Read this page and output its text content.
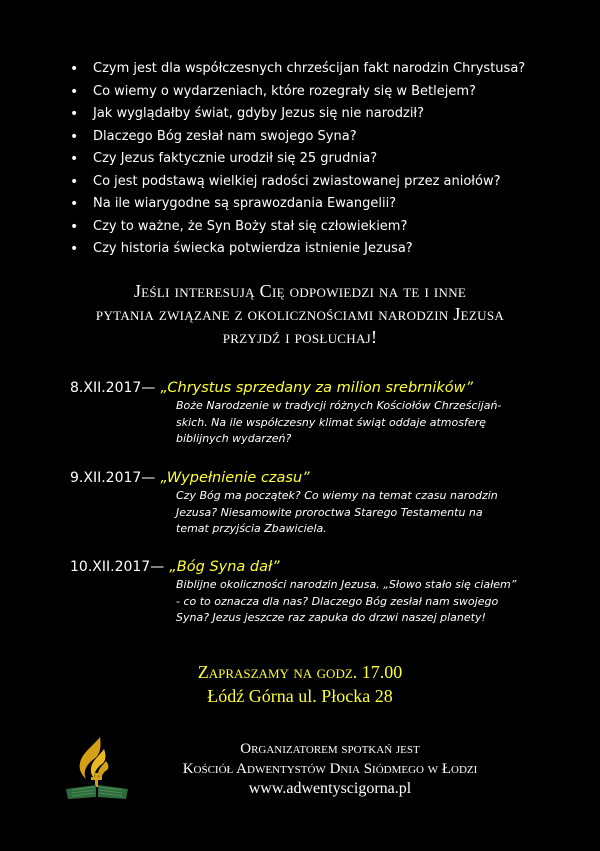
• Czym jest dla współczesnych chrześcijan fakt narodzin Chrystusa?
• Co wiemy o wydarzeniach, które rozegrały się w Betlejem?
• Jak wyglądałby świat, gdyby Jezus się nie narodził?
• Dlaczego Bóg zesłał nam swojego Syna?
• Czy Jezus faktycznie urodził się 25 grudnia?
• Co jest podstawą wielkiej radości zwiastowanej przez aniołów?
• Na ile wiarygodne są sprawozdania Ewangelii?
• Czy to ważne, że Syn Boży stał się człowiekiem?
• Czy historia świecka potwierdza istnienie Jezusa?
Jeśli interesują Cię odpowiedzi na te i inne
pytania związane z okolicznościami narodzin Jezusa
przyjdź i posłuchaj!
8.XII.2017— „Chrystus sprzedany za milion srebrników”
Boże Narodzenie w tradycji różnych Kościołów Chrześcijań-
skich. Na ile współczesny klimat świąt oddaje atmosferę
biblijnych wydarzeń?
9.XII.2017— „Wypełnienie czasu”
Czy Bóg ma początek? Co wiemy na temat czasu narodzin
Jezusa? Niesamowite proroctwa Starego Testamentu na
temat przyjścia Zbawiciela.
10.XII.2017— „Bóg Syna dał”
Biblijne okoliczności narodzin Jezusa. „Słowo stało się ciałem”
- co to oznacza dla nas? Dlaczego Bóg zesłał nam swojego
Syna? Jezus jeszcze raz zapuka do drzwi naszej planety!
Zapraszamy na godz. 17.00
Łódź Górna ul. Płocka 28
Organizatorem spotkań jest
Kościół Adwentystów Dnia Siódmego w Łodzi
www.adwentyscigorna.pl
